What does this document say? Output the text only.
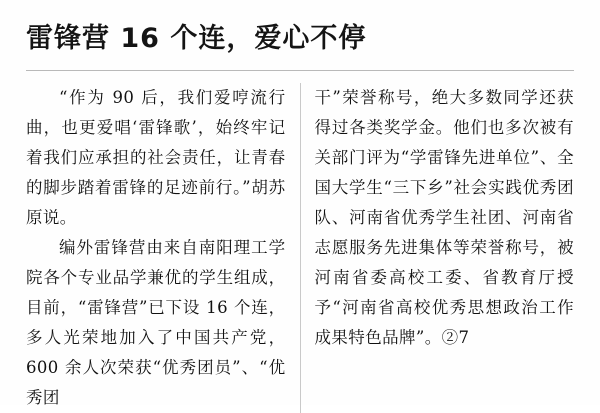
雷锋营 16 个连，爱心不停

“作为 90 后，我们爱哼流行曲，也更爱唱‘雷锋歌’，始终牢记着我们应承担的社会责任，让青春的脚步踏着雷锋的足迹前行。”胡苏原说。

编外雷锋营由来自南阳理工学院各个专业品学兼优的学生组成，目前，“雷锋营”已下设 16 个连，多人光荣地加入了中国共产党，600 余人次荣获“优秀团员”、“优秀团

干”荣誉称号，绝大多数同学还获得过各类奖学金。他们也多次被有关部门评为“学雷锋先进单位”、全国大学生“三下乡”社会实践优秀团队、河南省优秀学生社团、河南省志愿服务先进集体等荣誉称号，被河南省委高校工委、省教育厅授予“河南省高校优秀思想政治工作成果特色品牌”。②7
